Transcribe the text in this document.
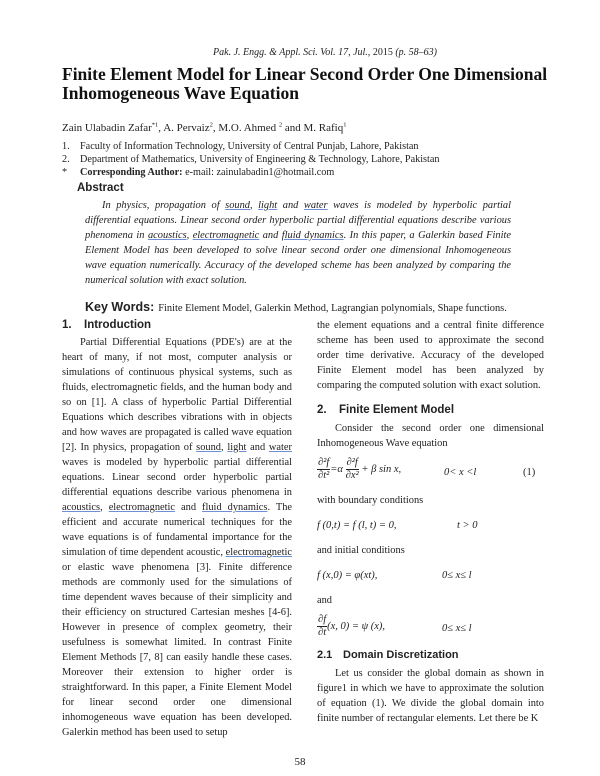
Pak. J. Engg. & Appl. Sci. Vol. 17, Jul., 2015 (p. 58–63)
Finite Element Model for Linear Second Order One Dimensional Inhomogeneous Wave Equation
Zain Ulabadin Zafar$^{*1}$, A. Pervaiz$^2$, M.O. Ahmed $^2$ and M. Rafiq$^1$
1. Faculty of Information Technology, University of Central Punjab, Lahore, Pakistan
2. Department of Mathematics, University of Engineering & Technology, Lahore, Pakistan
* Corresponding Author: e-mail: zainulabadin1@hotmail.com
Abstract
In physics, propagation of sound, light and water waves is modeled by hyperbolic partial differential equations. Linear second order hyperbolic partial differential equations describe various phenomena in acoustics, electromagnetic and fluid dynamics. In this paper, a Galerkin based Finite Element Model has been developed to solve linear second order one dimensional Inhomogeneous wave equation numerically. Accuracy of the developed scheme has been analyzed by comparing the numerical solution with exact solution.
Key Words: Finite Element Model, Galerkin Method, Lagrangian polynomials, Shape functions.
1. Introduction

Partial Differential Equations (PDE's) are at the heart of many, if not most, computer analysis or simulations of continuous physical systems, such as fluids, electromagnetic fields, and the human body and so on [1]. A class of hyperbolic Partial Differential Equations which describes vibrations with in objects and how waves are propagated is called wave equation [2]. In physics, propagation of sound, light and water waves is modeled by hyperbolic partial differential equations. Linear second order hyperbolic partial differential equations describe various phenomena in acoustics, electromagnetic and fluid dynamics. The efficient and accurate numerical techniques for the wave equations is of fundamental importance for the simulation of time dependent acoustic, electromagnetic or elastic wave phenomena [3]. Finite difference methods are commonly used for the simulations of time dependent waves because of their simplicity and their efficiency on structured Cartesian meshes [4-6]. However in presence of complex geometry, their usefulness is somewhat limited. In contrast Finite Element Methods [7, 8] can easily handle these cases. Moreover their extension to higher order is straightforward. In this paper, a Finite Element Model for linear second order one dimensional inhomogeneous wave equation has been developed. Galerkin method has been used to setup

the element equations and a central finite difference scheme has been used to approximate the second order time derivative. Accuracy of the developed Finite Element model has been analyzed by comparing the computed solution with exact solution.
2. Finite Element Model

Consider the second order one dimensional Inhomogeneous Wave equation

$\frac{\text{∂²f}}{\text{∂t²}} =\alpha \frac{\text{∂²f}}{\text{∂x²}} + \beta$ sin x,	0< x <l	(1)
with boundary conditions
f (0,t) = f (l, t) = 0,	t > 0
and initial conditions
f (x,0) = φ(xt),	0≤ x≤ l
and
$\frac{\partial f}{\partial t} (x$, 0) = ψ (x),	0≤ x≤ l
2.1 Domain Discretization

Let us consider the global domain as shown in figure1 in which we have to approximate the solution of equation (1). We divide the global domain into finite number of rectangular elements. Let there be K

58
